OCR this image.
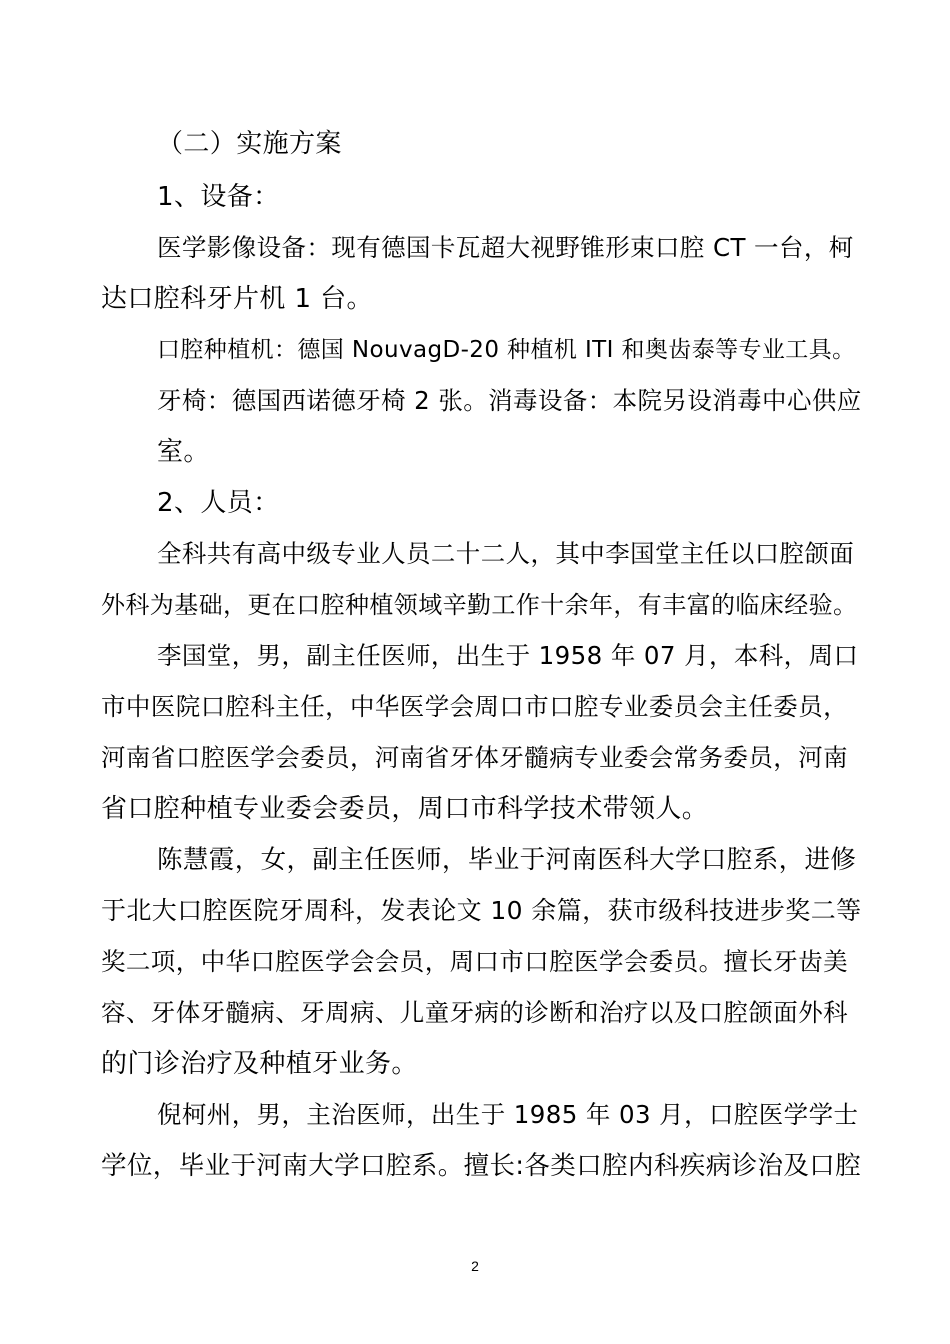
（二）实施方案
1、设备：
医学影像设备：现有德国卡瓦超大视野锥形束口腔 CT 一台，柯
达口腔科牙片机 1 台。
口腔种植机：德国 NouvagD-20 种植机 ITI 和奥齿泰等专业工具。
牙椅：德国西诺德牙椅 2 张。消毒设备：本院另设消毒中心供应
室。
2、人员：
全科共有高中级专业人员二十二人，其中李国堂主任以口腔颌面
外科为基础，更在口腔种植领域辛勤工作十余年，有丰富的临床经验。
李国堂，男，副主任医师，出生于 1958 年 07 月，本科，周口
市中医院口腔科主任，中华医学会周口市口腔专业委员会主任委员，
河南省口腔医学会委员，河南省牙体牙髓病专业委会常务委员，河南
省口腔种植专业委会委员，周口市科学技术带领人。
陈慧霞，女，副主任医师，毕业于河南医科大学口腔系，进修
于北大口腔医院牙周科，发表论文 10 余篇，获市级科技进步奖二等
奖二项，中华口腔医学会会员，周口市口腔医学会委员。擅长牙齿美
容、牙体牙髓病、牙周病、儿童牙病的诊断和治疗以及口腔颌面外科
的门诊治疗及种植牙业务。
倪柯州，男，主治医师，出生于 1985 年 03 月，口腔医学学士
学位，毕业于河南大学口腔系。擅长:各类口腔内科疾病诊治及口腔
2
